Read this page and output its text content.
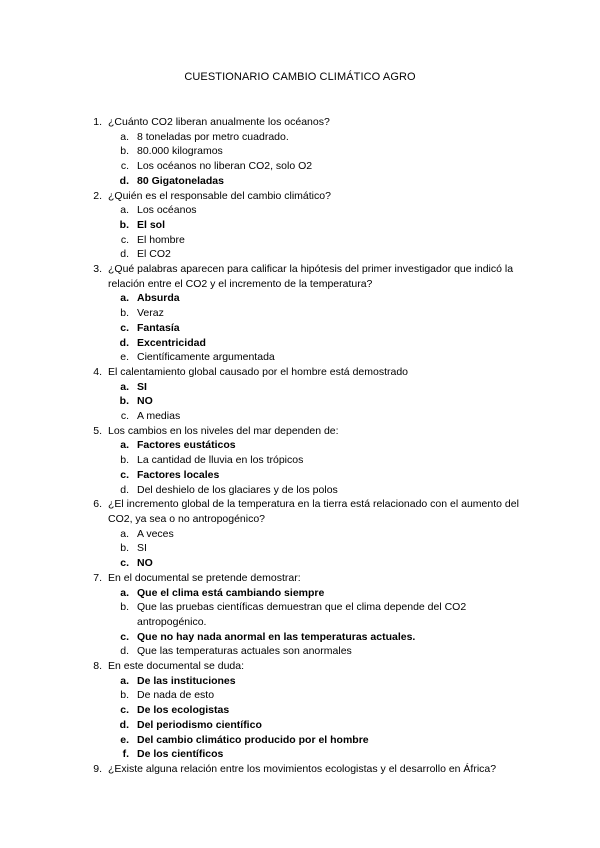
CUESTIONARIO CAMBIO CLIMÁTICO AGRO
1. ¿Cuánto CO2 liberan anualmente los océanos?
a. 8 toneladas por metro cuadrado.
b. 80.000 kilogramos
c. Los océanos no liberan CO2, solo O2
d. 80 Gigatoneladas
2. ¿Quién es el responsable del cambio climático?
a. Los océanos
b. El sol
c. El hombre
d. El CO2
3. ¿Qué palabras aparecen para calificar la hipótesis del primer investigador que indicó la relación entre el CO2 y el incremento de la temperatura?
a. Absurda
b. Veraz
c. Fantasía
d. Excentricidad
e. Científicamente argumentada
4. El calentamiento global causado por el hombre está demostrado
a. SI
b. NO
c. A medias
5. Los cambios en los niveles del mar dependen de:
a. Factores eustáticos
b. La cantidad de lluvia en los trópicos
c. Factores locales
d. Del deshielo de los glaciares y de los polos
6. ¿El incremento global de la temperatura en la tierra está relacionado con el aumento del CO2, ya sea o no antropogénico?
a. A veces
b. SI
c. NO
7. En el documental se pretende demostrar:
a. Que el clima está cambiando siempre
b. Que las pruebas científicas demuestran que el clima depende del CO2 antropogénico.
c. Que no hay nada anormal en las temperaturas actuales.
d. Que las temperaturas actuales son anormales
8. En este documental se duda:
a. De las instituciones
b. De nada de esto
c. De los ecologistas
d. Del periodismo científico
e. Del cambio climático producido por el hombre
f. De los científicos
9. ¿Existe alguna relación entre los movimientos ecologistas y el desarrollo en África?
